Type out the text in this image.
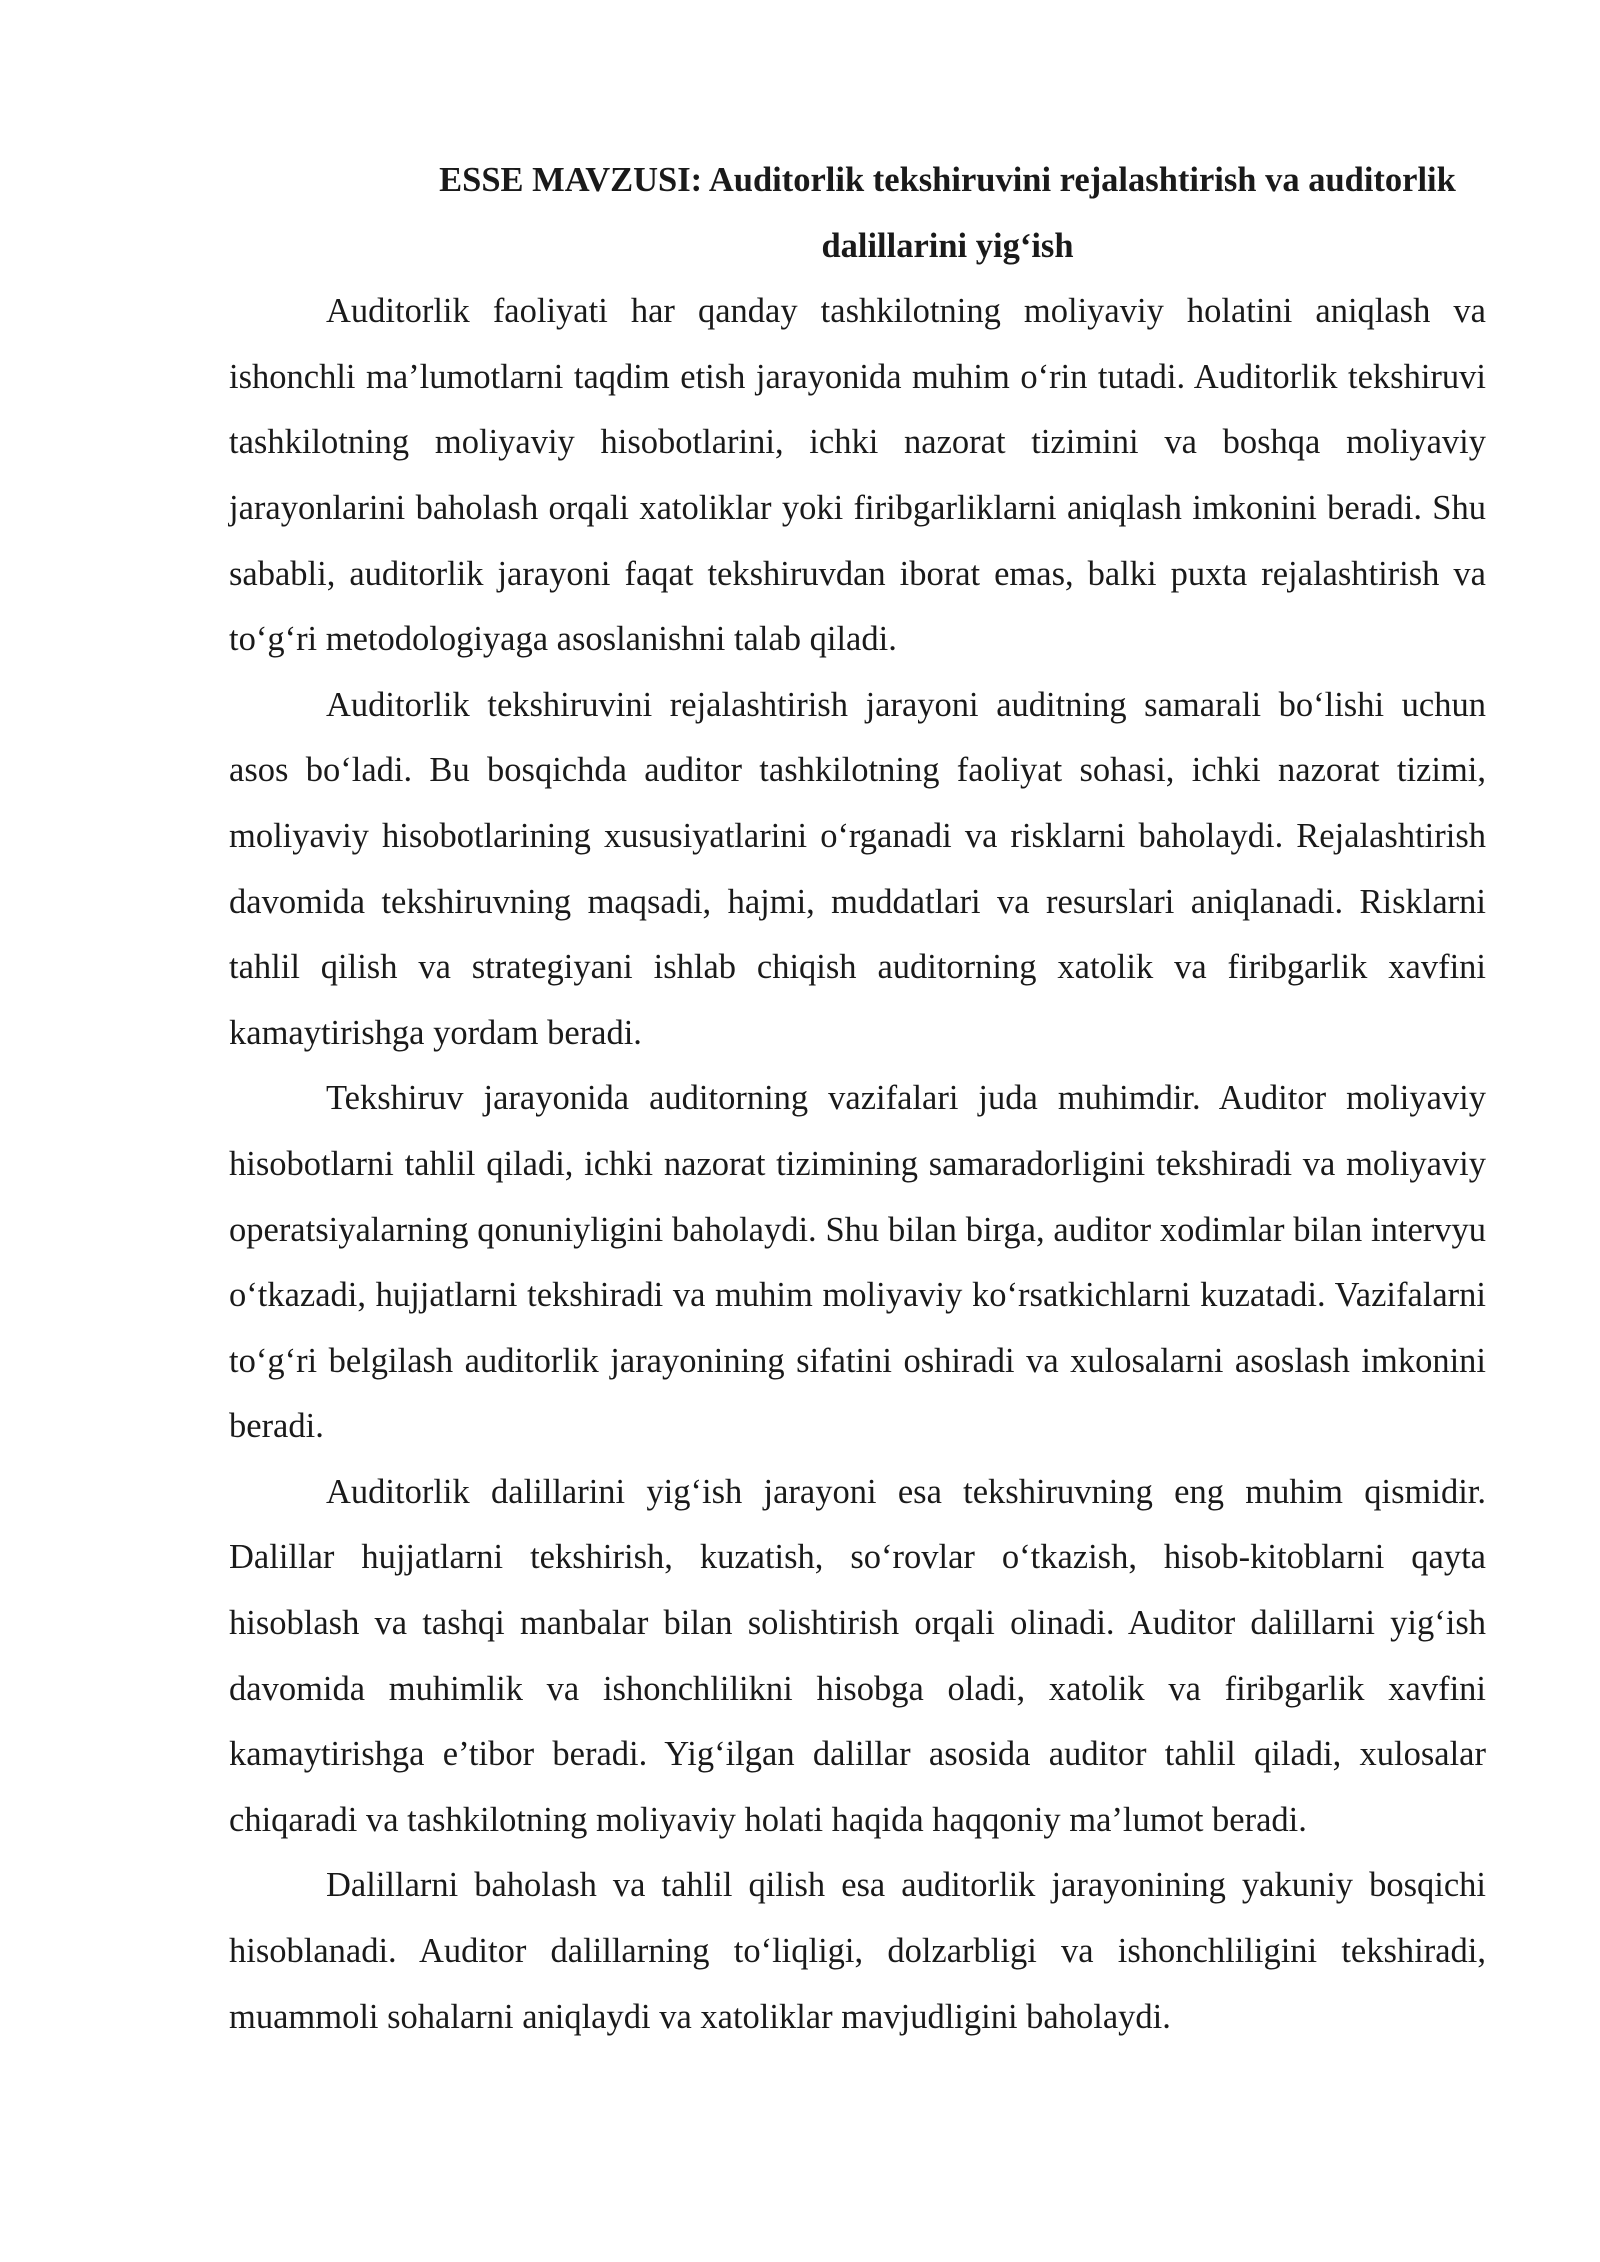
ESSE MAVZUSI: Auditorlik tekshiruvini rejalashtirish va auditorlik dalillarini yig‘ish

Auditorlik faoliyati har qanday tashkilotning moliyaviy holatini aniqlash va ishonchli ma’lumotlarni taqdim etish jarayonida muhim o‘rin tutadi. Auditorlik tekshiruvi tashkilotning moliyaviy hisobotlarini, ichki nazorat tizimini va boshqa moliyaviy jarayonlarini baholash orqali xatoliklar yoki firibgarliklarni aniqlash imkonini beradi. Shu sababli, auditorlik jarayoni faqat tekshiruvdan iborat emas, balki puxta rejalashtirish va to‘g‘ri metodologiyaga asoslanishni talab qiladi.

Auditorlik tekshiruvini rejalashtirish jarayoni auditning samarali bo‘lishi uchun asos bo‘ladi. Bu bosqichda auditor tashkilotning faoliyat sohasi, ichki nazorat tizimi, moliyaviy hisobotlarining xususiyatlarini o‘rganadi va risklarni baholaydi. Rejalashtirish davomida tekshiruvning maqsadi, hajmi, muddatlari va resurslari aniqlanadi. Risklarni tahlil qilish va strategiyani ishlab chiqish auditorning xatolik va firibgarlik xavfini kamaytirishga yordam beradi.

Tekshiruv jarayonida auditorning vazifalari juda muhimdir. Auditor moliyaviy hisobotlarni tahlil qiladi, ichki nazorat tizimining samaradorligini tekshiradi va moliyaviy operatsiyalarning qonuniyligini baholaydi. Shu bilan birga, auditor xodimlar bilan intervyu o‘tkazadi, hujjatlarni tekshiradi va muhim moliyaviy ko‘rsatkichlarni kuzatadi. Vazifalarni to‘g‘ri belgilash auditorlik jarayonining sifatini oshiradi va xulosalarni asoslash imkonini beradi.

Auditorlik dalillarini yig‘ish jarayoni esa tekshiruvning eng muhim qismidir. Dalillar hujjatlarni tekshirish, kuzatish, so‘rovlar o‘tkazish, hisob-kitoblarni qayta hisoblash va tashqi manbalar bilan solishtirish orqali olinadi. Auditor dalillarni yig‘ish davomida muhimlik va ishonchlilikni hisobga oladi, xatolik va firibgarlik xavfini kamaytirishga e’tibor beradi. Yig‘ilgan dalillar asosida auditor tahlil qiladi, xulosalar chiqaradi va tashkilotning moliyaviy holati haqida haqqoniy ma’lumot beradi.

Dalillarni baholash va tahlil qilish esa auditorlik jarayonining yakuniy bosqichi hisoblanadi. Auditor dalillarning to‘liqligi, dolzarbligi va ishonchliligini tekshiradi, muammoli sohalarni aniqlaydi va xatoliklar mavjudligini baholaydi.
